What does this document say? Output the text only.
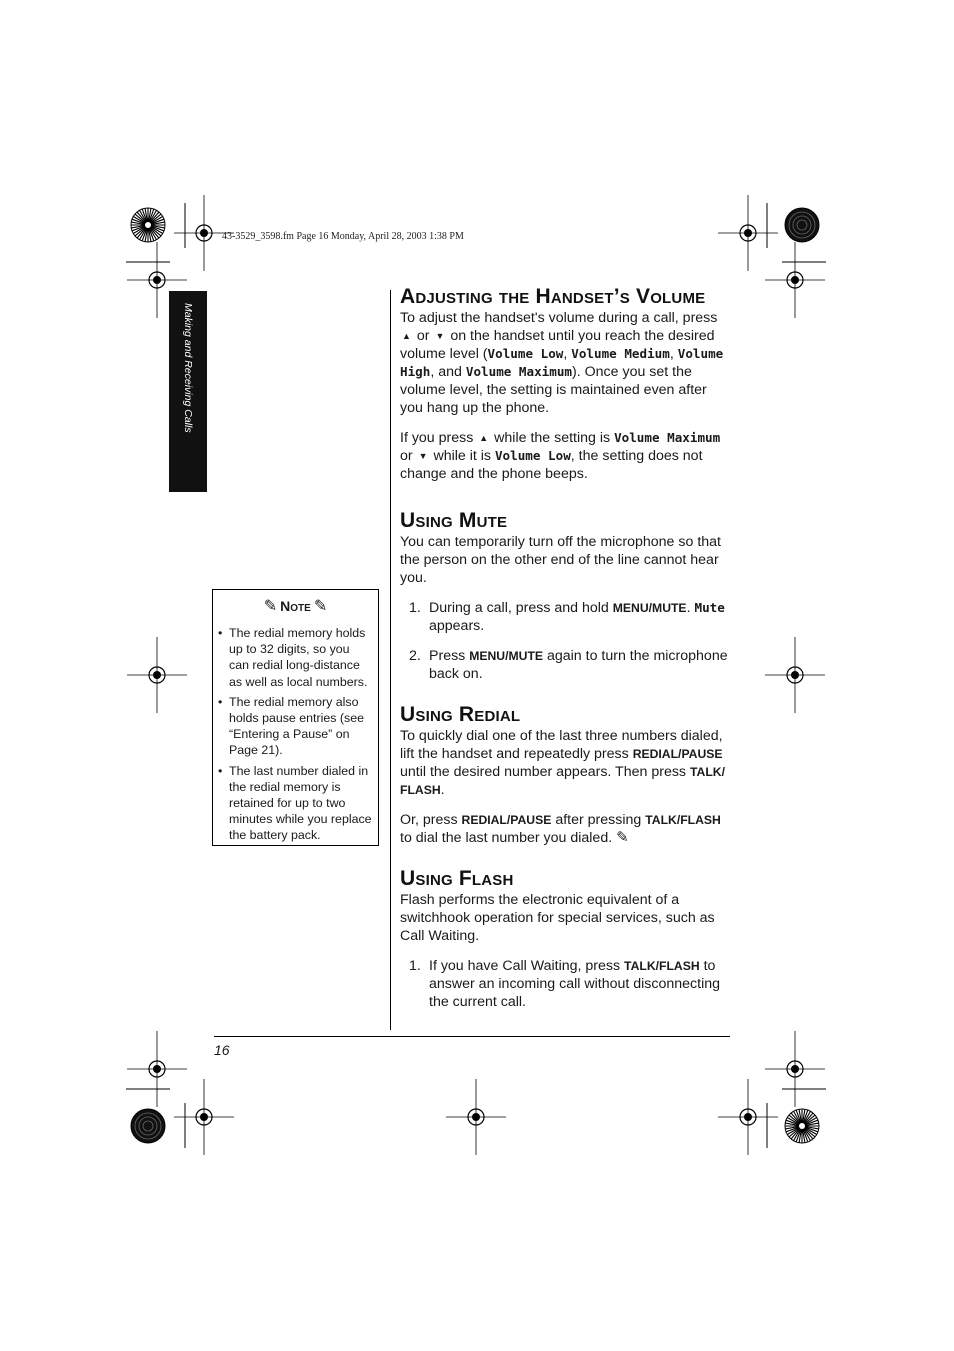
43-3529_3598.fm Page 16 Monday, April 28, 2003 1:38 PM
Making and Receiving Calls
✎ Note ✎
• The redial memory holds up to 32 digits, so you can redial long-distance as well as local numbers.
• The redial memory also holds pause entries (see “Entering a Pause” on Page 21).
• The last number dialed in the redial memory is retained for up to two minutes while you replace the battery pack.
Adjusting the Handset’s Volume

To adjust the handset's volume during a call, press ▲ or ▼ on the handset until you reach the desired volume level (Volume Low, Volume Medium, Volume High, and Volume Maximum). Once you set the volume level, the setting is maintained even after you hang up the phone.

If you press ▲ while the setting is Volume Maximum or ▼ while it is Volume Low, the setting does not change and the phone beeps.

Using Mute

You can temporarily turn off the microphone so that the person on the other end of the line cannot hear you.

1. During a call, press and hold MENU/MUTE. Mute appears.
2. Press MENU/MUTE again to turn the microphone back on.
Using Redial

To quickly dial one of the last three numbers dialed, lift the handset and repeatedly press REDIAL/PAUSE until the desired number appears. Then press TALK/ FLASH.

Or, press REDIAL/PAUSE after pressing TALK/FLASH to dial the last number you dialed. ✎

Using Flash

Flash performs the electronic equivalent of a switchhook operation for special services, such as Call Waiting.

1. If you have Call Waiting, press TALK/FLASH to answer an incoming call without disconnecting the current call.
16
